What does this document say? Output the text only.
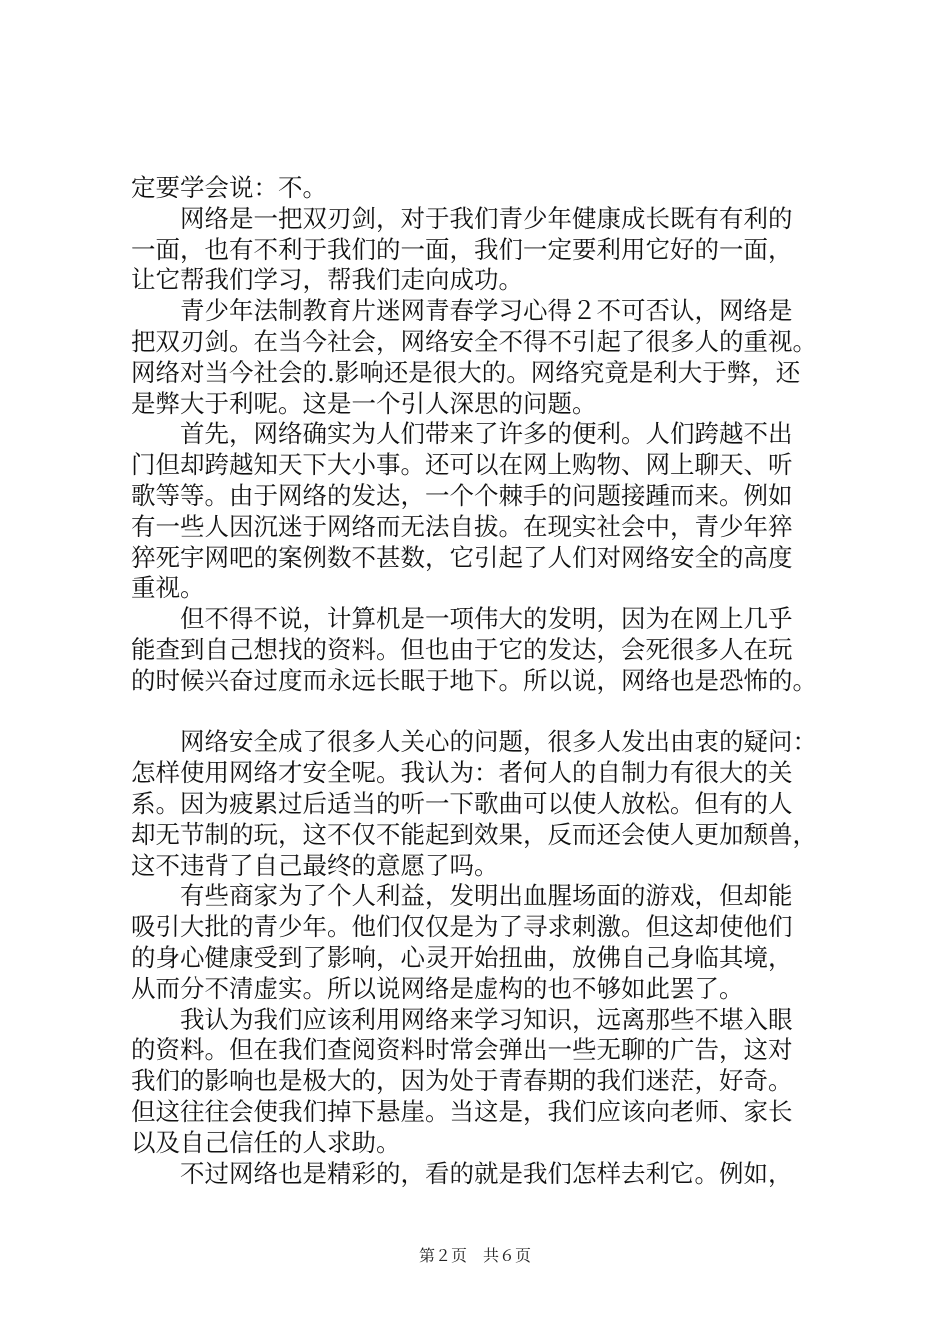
定要学会说：不。
　　网络是一把双刃剑，对于我们青少年健康成长既有有利的
一面，也有不利于我们的一面，我们一定要利用它好的一面，
让它帮我们学习，帮我们走向成功。
　　青少年法制教育片迷网青春学习心得２不可否认，网络是
把双刃剑。在当今社会，网络安全不得不引起了很多人的重视。
网络对当今社会的.影响还是很大的。网络究竟是利大于弊，还
是弊大于利呢。这是一个引人深思的问题。
　　首先，网络确实为人们带来了许多的便利。人们跨越不出
门但却跨越知天下大小事。还可以在网上购物、网上聊天、听
歌等等。由于网络的发达，一个个棘手的问题接踵而来。例如
有一些人因沉迷于网络而无法自拔。在现实社会中，青少年猝
猝死宇网吧的案例数不甚数，它引起了人们对网络安全的高度
重视。
　　但不得不说，计算机是一项伟大的发明，因为在网上几乎
能查到自己想找的资料。但也由于它的发达，会死很多人在玩
的时候兴奋过度而永远长眠于地下。所以说，网络也是恐怖的。
　　网络安全成了很多人关心的问题，很多人发出由衷的疑问：
怎样使用网络才安全呢。我认为：者何人的自制力有很大的关
系。因为疲累过后适当的听一下歌曲可以使人放松。但有的人
却无节制的玩，这不仅不能起到效果，反而还会使人更加颓兽，
这不违背了自己最终的意愿了吗。
　　有些商家为了个人利益，发明出血腥场面的游戏，但却能
吸引大批的青少年。他们仅仅是为了寻求刺激。但这却使他们
的身心健康受到了影响，心灵开始扭曲，放佛自己身临其境，
从而分不清虚实。所以说网络是虚构的也不够如此罢了。
　　我认为我们应该利用网络来学习知识，远离那些不堪入眼
的资料。但在我们查阅资料时常会弹出一些无聊的广告，这对
我们的影响也是极大的，因为处于青春期的我们迷茫，好奇。
但这往往会使我们掉下悬崖。当这是，我们应该向老师、家长
以及自己信任的人求助。
　　不过网络也是精彩的，看的就是我们怎样去利它。例如，
第２页　共６页
